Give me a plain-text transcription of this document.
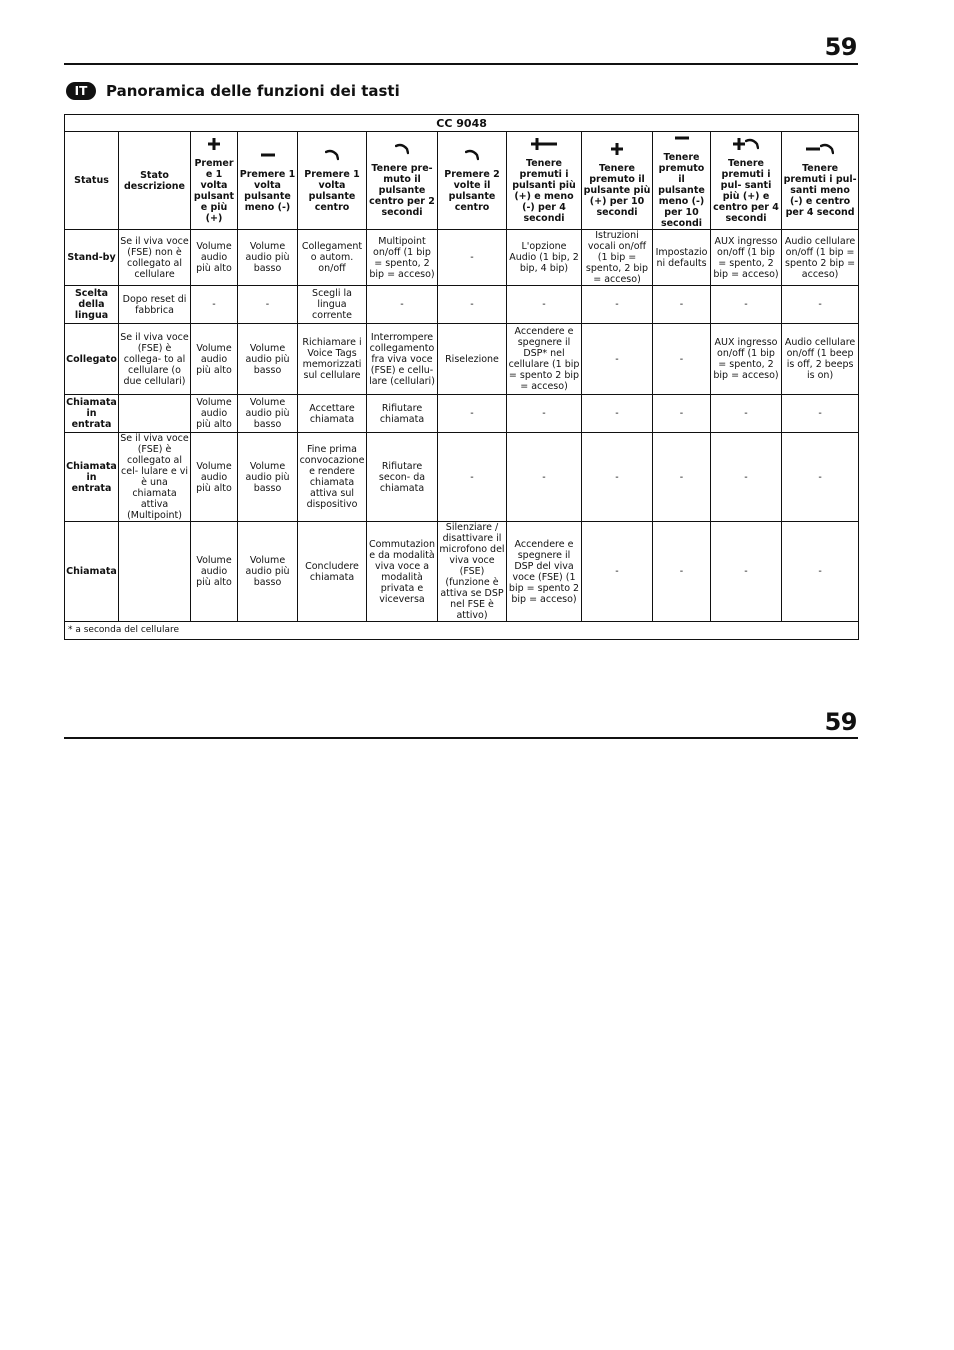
59
IT	Panoramica delle funzioni dei tasti
CC 9048											
Status	Stato descrizione	Premere 1 volta pulsante più (+)	Premere 1 volta pulsante meno (-)	Premere 1 volta pulsante centro	Tenere pre- muto il pulsante centro per 2 secondi	Premere 2 volte il pulsante centro	Tenere premuti i pulsanti più (+) e meno (-) per 4 secondi	Tenere premuto il pulsante più (+) per 10 secondi	Tenere premuto il pulsante meno (-) per 10 secondi	Tenere premuti i pul- santi più (+) e centro per 4 secondi	Tenere premuti i pul- santi meno (-) e centro per 4 second
Stand-by	Se il viva voce (FSE) non è collegato al cellulare	Volume audio più alto	Volume audio più basso	Collegamento autom. on/off	Multipoint on/off (1 bip = spento, 2 bip = acceso)	-	L'opzione Audio (1 bip, 2 bip, 4 bip)	Istruzioni vocali on/off (1 bip = spento, 2 bip = acceso)	Impostazioni defaults	AUX ingresso on/off (1 bip = spento, 2 bip = acceso)	Audio cellulare on/off (1 bip = spento 2 bip = acceso)
Scelta della lingua	Dopo reset di fabbrica	-	-	Scegli la lingua corrente	-	-	-	-	-	-	-
Collegato	Se il viva voce (FSE) è collega- to al cellulare (o due cellulari)	Volume audio più alto	Volume audio più basso	Richiamare i Voice Tags memorizzati sul cellulare	Interrompere collegamento fra viva voce (FSE) e cellu- lare (cellulari)	Riselezione	Accendere e spegnere il DSP* nel cellulare (1 bip = spento 2 bip = acceso)	-	-	AUX ingresso on/off (1 bip = spento, 2 bip = acceso)	Audio cellulare on/off (1 beep is off, 2 beeps is on)
Chiamata in entrata		Volume audio più alto	Volume audio più basso	Accettare chiamata	Rifiutare chiamata	-	-	-	-	-	-
Chiamata in entrata	Se il viva voce (FSE) è collegato al cel- lulare e vi è una chiamata attiva (Multipoint)	Volume audio più alto	Volume audio più basso	Fine prima convocazione e rendere chiamata attiva sul dispositivo	Rifiutare secon- da chiamata	-	-	-	-	-	-
Chiamata		Volume audio più alto	Volume audio più basso	Concludere chiamata	Commutazione da modalità viva voce a modalità privata e viceversa	Silenziare / disattivare il microfono del viva voce (FSE) (funzione è attiva se DSP nel FSE è attivo)	Accendere e spegnere il DSP del viva voce (FSE) (1 bip = spento 2 bip = acceso)	-	-	-	-
* a seconda del cellulare											
59
